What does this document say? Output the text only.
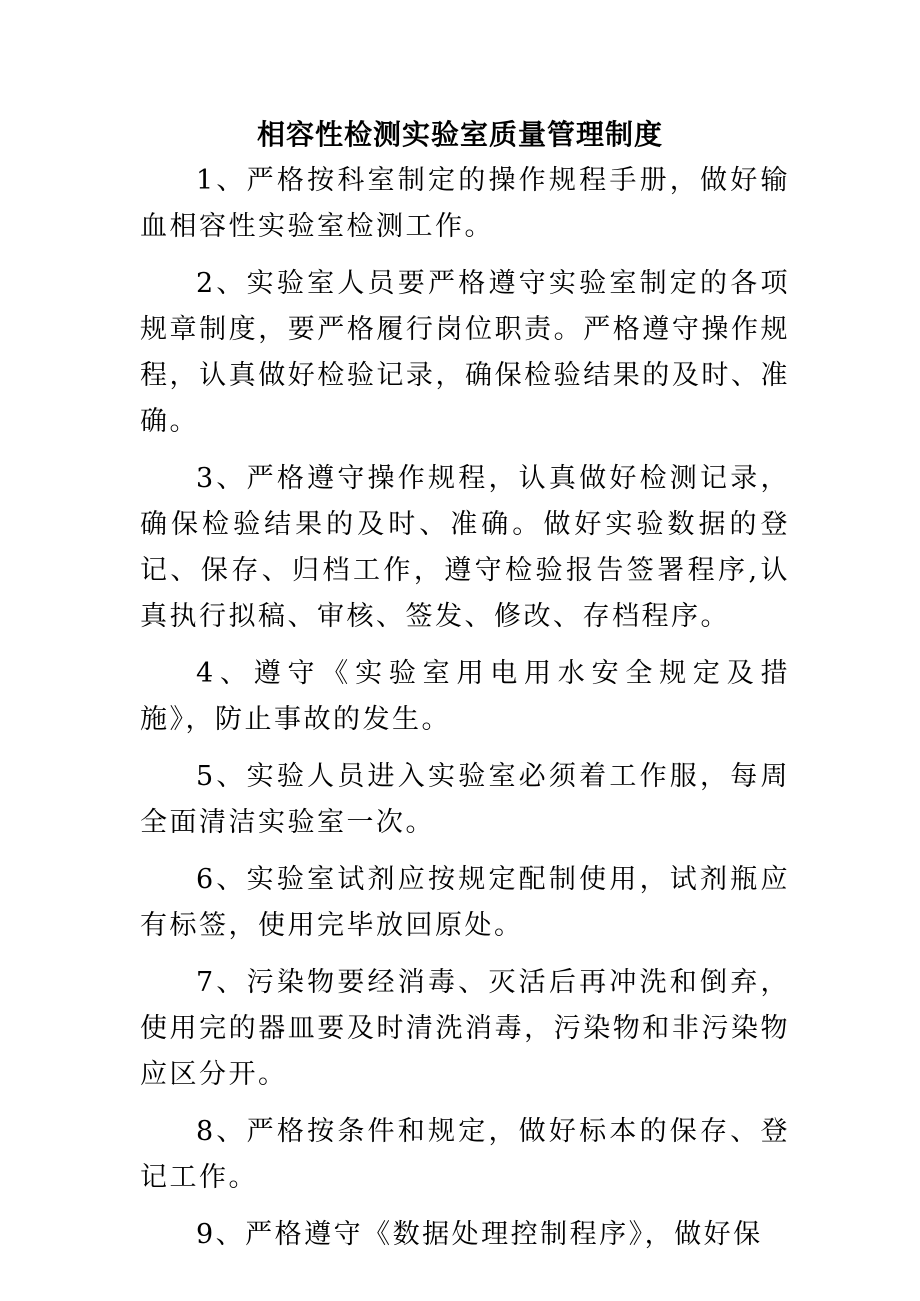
相容性检测实验室质量管理制度

1、严格按科室制定的操作规程手册，做好输血相容性实验室检测工作。

2、实验室人员要严格遵守实验室制定的各项规章制度，要严格履行岗位职责。严格遵守操作规程，认真做好检验记录，确保检验结果的及时、准确。

3、严格遵守操作规程，认真做好检测记录，确保检验结果的及时、准确。做好实验数据的登记、保存、归档工作，遵守检验报告签署程序,认真执行拟稿、审核、签发、修改、存档程序。

4、遵守《实验室用电用水安全规定及措施》，防止事故的发生。

5、实验人员进入实验室必须着工作服，每周全面清洁实验室一次。

6、实验室试剂应按规定配制使用，试剂瓶应有标签，使用完毕放回原处。

7、污染物要经消毒、灭活后再冲洗和倒弃，使用完的器皿要及时清洗消毒，污染物和非污染物应区分开。

8、严格按条件和规定，做好标本的保存、登记工作。

9、严格遵守《数据处理控制程序》，做好保
